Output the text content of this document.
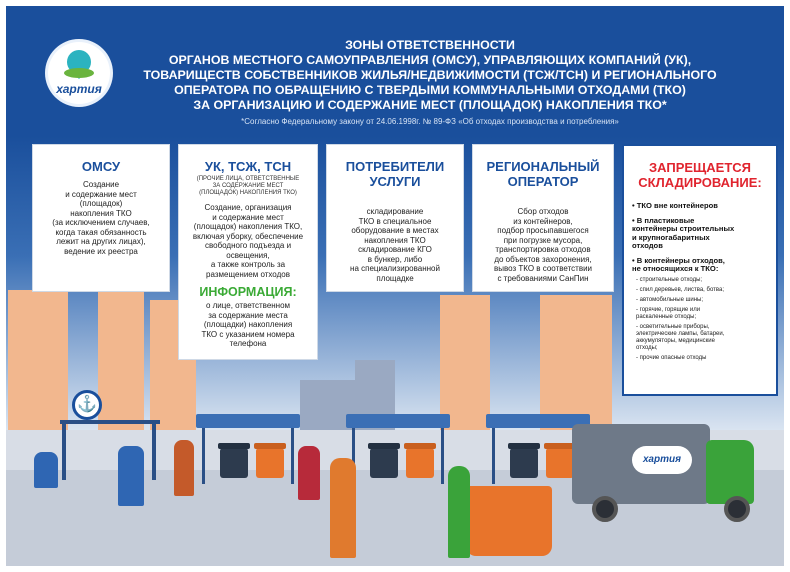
хартия
ЗОНЫ ОТВЕТСТВЕННОСТИ
ОРГАНОВ МЕСТНОГО САМОУПРАВЛЕНИЯ (ОМСУ), УПРАВЛЯЮЩИХ КОМПАНИЙ (УК),
ТОВАРИЩЕСТВ СОБСТВЕННИКОВ ЖИЛЬЯ/НЕДВИЖИМОСТИ (ТСЖ/ТСН) И РЕГИОНАЛЬНОГО
ОПЕРАТОРА ПО ОБРАЩЕНИЮ С ТВЕРДЫМИ КОММУНАЛЬНЫМИ ОТХОДАМИ (ТКО)
ЗА ОРГАНИЗАЦИЮ И СОДЕРЖАНИЕ МЕСТ (ПЛОЩАДОК) НАКОПЛЕНИЯ ТКО*
*Согласно Федеральному закону от 24.06.1998г. № 89-ФЗ «Об отходах производства и потребления»
ОМСУ
Создание
и содержание мест
(площадок)
накопления ТКО
(за исключением случаев,
когда такая обязанность
лежит на других лицах),
ведение их реестра
УК, ТСЖ, ТСН
(ПРОЧИЕ ЛИЦА, ОТВЕТСТВЕННЫЕ
ЗА СОДЕРЖАНИЕ МЕСТ
(ПЛОЩАДОК) НАКОПЛЕНИЯ ТКО)
Создание, организация
и содержание мест
(площадок) накопления ТКО,
включая уборку, обеспечение
свободного подъезда и
освещения,
а также контроль за
размещением отходов
ИНФОРМАЦИЯ:
о лице, ответственном
за содержание места
(площадки) накопления
ТКО с указанием номера
телефона
ПОТРЕБИТЕЛИ
УСЛУГИ
складирование
ТКО в специальное
оборудование в местах
накопления ТКО
складирование КГО
в бункер, либо
на специализированной
площадке
РЕГИОНАЛЬНЫЙ
ОПЕРАТОР
Сбор отходов
из контейнеров,
подбор просыпавшегося
при погрузке мусора,
транспортировка отходов
до объектов захоронения,
вывоз ТКО в соответствии
с требованиями СанПин
ЗАПРЕЩАЕТСЯ
СКЛАДИРОВАНИЕ:
• ТКО вне контейнеров
• В пластиковые
контейнеры строительных
и крупногабаритных
отходов
• В контейнеры отходов,
не относящихся к ТКО:
- строительные отходы;
- спил деревьев, листва, ботва;
- автомобильные шины;
- горячие, горящие или
раскаленные отходы;
- осветительные приборы,
электрические лампы, батареи,
аккумуляторы, медицинские
отходы;
- прочие опасные отходы
⚓
хартия
